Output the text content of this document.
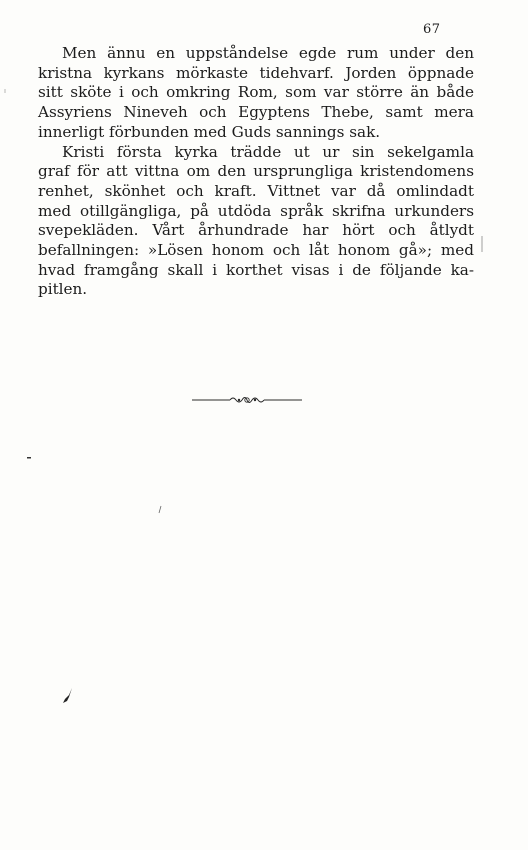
67
Men ännu en uppståndelse egde rum under den
kristna kyrkans mörkaste tidehvarf. Jorden öppnade
sitt sköte i och omkring Rom, som var större än både
Assyriens Nineveh och Egyptens Thebe, samt mera
innerligt förbunden med Guds sannings sak.
Kristi första kyrka trädde ut ur sin sekelgamla
graf för att vittna om den ursprungliga kristendomens
renhet, skönhet och kraft. Vittnet var då omlindadt
med otillgängliga, på utdöda språk skrifna urkunders
svepekläden. Vårt århundrade har hört och åtlydt
befallningen: »Lösen honom och låt honom gå»; med
hvad framgång skall i korthet visas i de följande ka-
pitlen.
